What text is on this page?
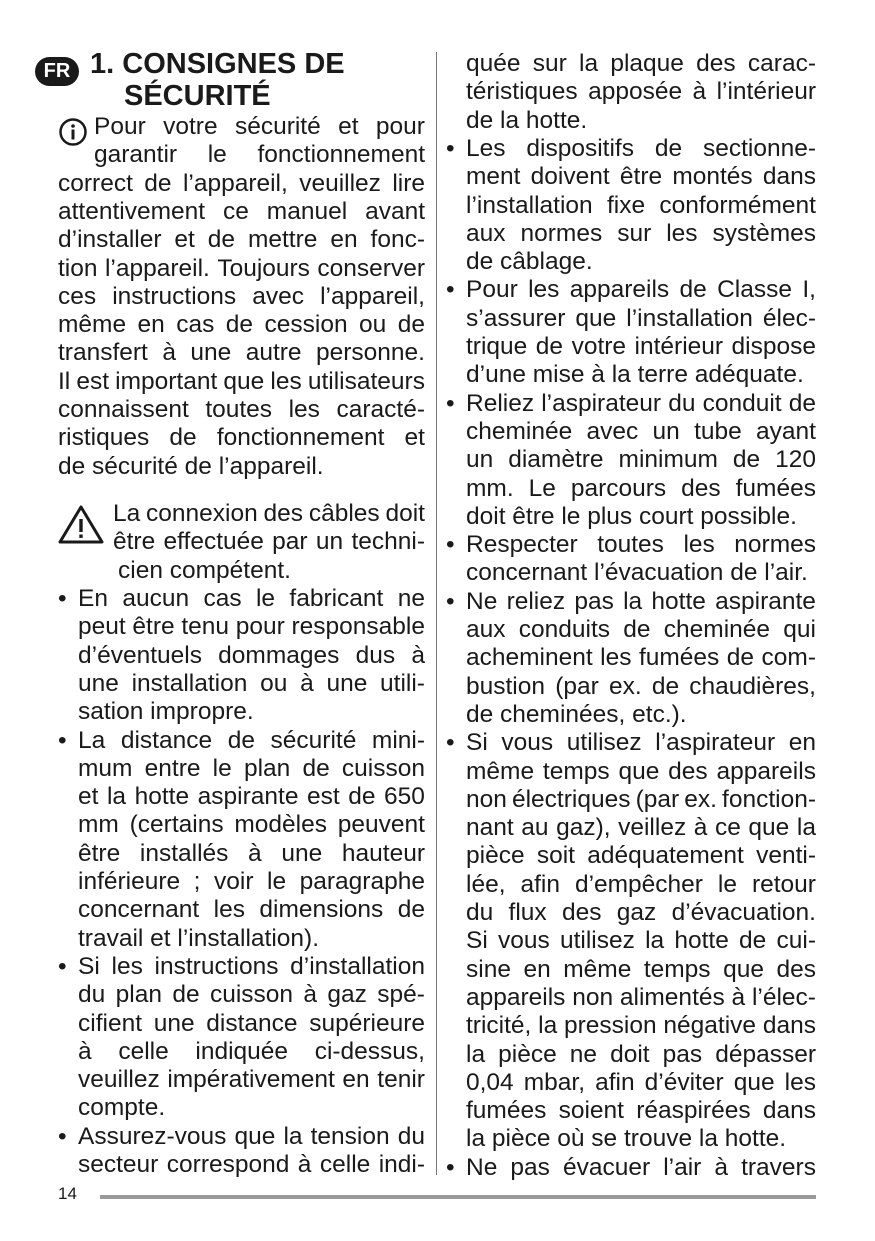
FR 1. CONSIGNES DE
SÉCURITÉ
Pour votre sécurité et pour
garantir le fonctionnement
correct de l’appareil, veuillez lire
attentivement ce manuel avant
d’installer et de mettre en fonc-
tion l’appareil. Toujours conserver
ces instructions avec l’appareil,
même en cas de cession ou de
transfert à une autre personne.
Il est important que les utilisateurs
connaissent toutes les caracté-
ristiques de fonctionnement et
de sécurité de l’appareil.
La connexion des câbles doit
être effectuée par un techni-
cien compétent.
• En aucun cas le fabricant ne
peut être tenu pour responsable
d’éventuels dommages dus à
une installation ou à une utili-
sation impropre.
• La distance de sécurité mini-
mum entre le plan de cuisson
et la hotte aspirante est de 650
mm (certains modèles peuvent
être installés à une hauteur
inférieure ; voir le paragraphe
concernant les dimensions de
travail et l’installation).
• Si les instructions d’installation
du plan de cuisson à gaz spé-
cifient une distance supérieure
à celle indiquée ci-dessus,
veuillez impérativement en tenir
compte.
• Assurez-vous que la tension du
secteur correspond à celle indi-
quée sur la plaque des carac-
téristiques apposée à l’intérieur
de la hotte.
• Les dispositifs de sectionne-
ment doivent être montés dans
l’installation fixe conformément
aux normes sur les systèmes
de câblage.
• Pour les appareils de Classe I,
s’assurer que l’installation élec-
trique de votre intérieur dispose
d’une mise à la terre adéquate.
• Reliez l’aspirateur du conduit de
cheminée avec un tube ayant
un diamètre minimum de 120
mm. Le parcours des fumées
doit être le plus court possible.
• Respecter toutes les normes
concernant l’évacuation de l’air.
• Ne reliez pas la hotte aspirante
aux conduits de cheminée qui
acheminent les fumées de com-
bustion (par ex. de chaudières,
de cheminées, etc.).
• Si vous utilisez l’aspirateur en
même temps que des appareils
non électriques (par ex. fonction-
nant au gaz), veillez à ce que la
pièce soit adéquatement venti-
lée, afin d’empêcher le retour
du flux des gaz d’évacuation.
Si vous utilisez la hotte de cui-
sine en même temps que des
appareils non alimentés à l’élec-
tricité, la pression négative dans
la pièce ne doit pas dépasser
0,04 mbar, afin d’éviter que les
fumées soient réaspirées dans
la pièce où se trouve la hotte.
• Ne pas évacuer l’air à travers
14
